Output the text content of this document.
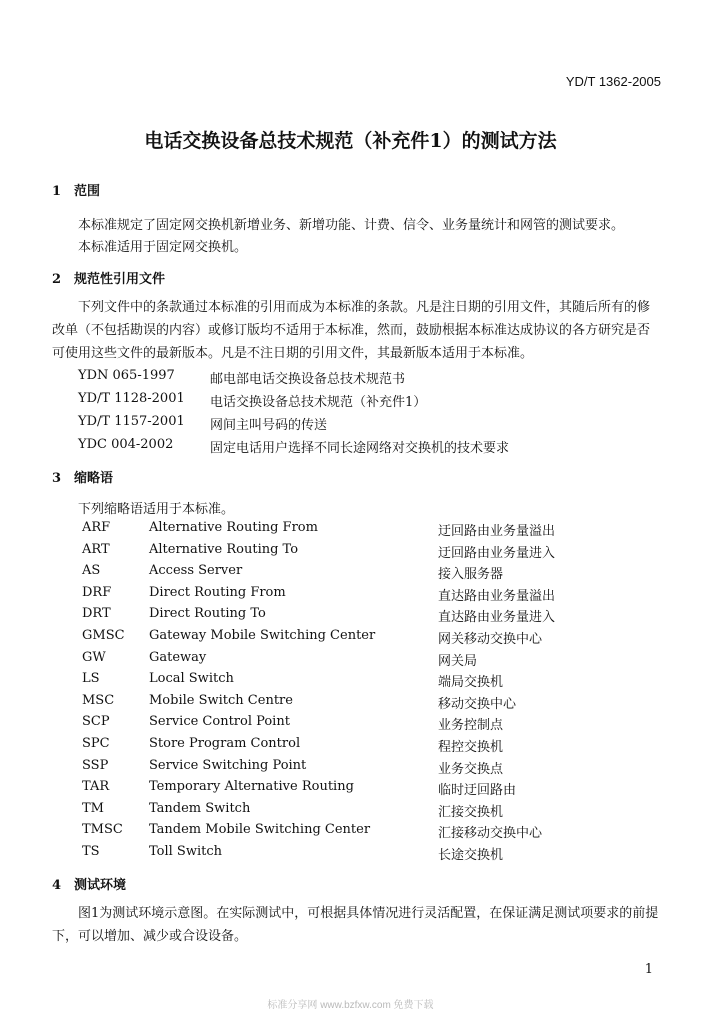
YD/T 1362-2005
电话交换设备总技术规范（补充件1）的测试方法
1 范围
本标准规定了固定网交换机新增业务、新增功能、计费、信令、业务量统计和网管的测试要求。
本标准适用于固定网交换机。
2 规范性引用文件
下列文件中的条款通过本标准的引用而成为本标准的条款。凡是注日期的引用文件，其随后所有的修改单（不包括勘误的内容）或修订版均不适用于本标准，然而，鼓励根据本标准达成协议的各方研究是否可使用这些文件的最新版本。凡是不注日期的引用文件，其最新版本适用于本标准。
YDN 065-1997	邮电部电话交换设备总技术规范书
YD/T 1128-2001 电话交换设备总技术规范（补充件1）
YD/T 1157-2001 网间主叫号码的传送
YDC 004-2002	固定电话用户选择不同长途网络对交换机的技术要求
3 缩略语
下列缩略语适用于本标准。
ARF	Alternative Routing From	迂回路由业务量溢出
ART	Alternative Routing To	迂回路由业务量进入
AS	Access Server	接入服务器
DRF	Direct Routing From	直达路由业务量溢出
DRT	Direct Routing To	直达路由业务量进入
GMSC Gateway Mobile Switching Center	网关移动交换中心
GW	Gateway	网关局
LS	Local Switch	端局交换机
MSC	Mobile Switch Centre	移动交换中心
SCP	Service Control Point	业务控制点
SPC	Store Program Control	程控交换机
SSP	Service Switching Point	业务交换点
TAR	Temporary Alternative Routing	临时迂回路由
TM	Tandem Switch	汇接交换机
TMSC Tandem Mobile Switching Center	汇接移动交换中心
TS	Toll Switch	长途交换机
4 测试环境
图1为测试环境示意图。在实际测试中，可根据具体情况进行灵活配置，在保证满足测试项要求的前提下，可以增加、减少或合设设备。
1
标准分享网 www.bzfxw.com 免费下载
